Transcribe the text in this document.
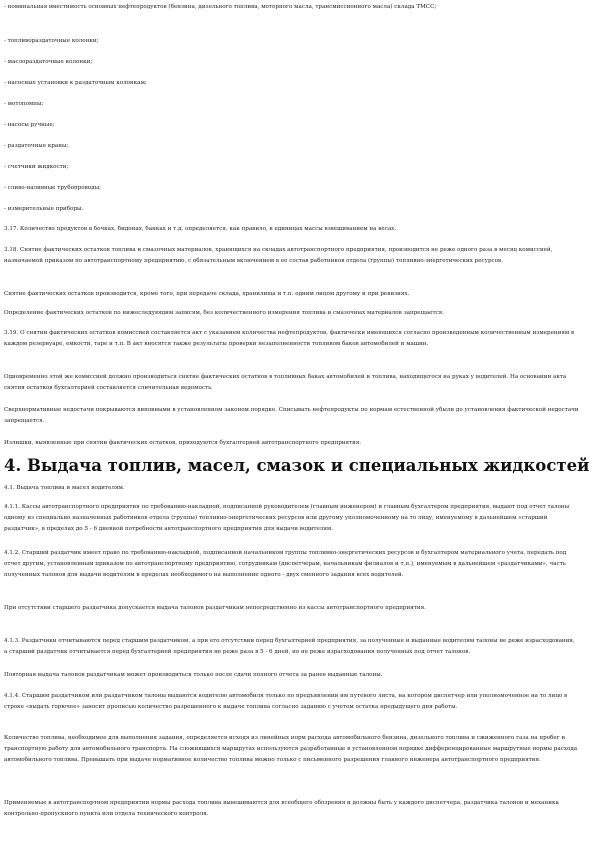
- номинальная вместимость основных нефтепродуктов (бензина, дизельного топлива, моторного масла, трансмиссионного масла) склада ТМСС;

- топливораздаточные колонки;

- маслораздаточные колонки;

- насосные установки к раздаточным колонкам;

- мотопомпы;

- насосы ручные;

- раздаточные краны;

- счетчики жидкости;

- сливо-наливные трубопроводы;

- измерительные приборы.

3.17. Количество продуктов в бочках, бидонах, банках и т.д. определяется, как правило, в единицах массы взвешиванием на весах.

3.18. Снятие фактических остатков топлива и смазочных материалов, хранящихся на складах автотранспортного предприятия, производится не реже одного раза в месяц комиссией, назначаемой приказом по автотранспортному предприятию, с обязательным включением в ее состав работников отдела (группы) топливно-энергетических ресурсов.

Снятие фактических остатков производится, кроме того, при передаче склада, хранилища и т.п. одним лицом другому и при ревизиях.

Определение фактических остатков по нижеследующим записям, без количественного измерения топлива и смазочных материалов запрещается.

3.19. О снятии фактических остатков комиссией составляется акт с указанием количества нефтепродуктов, фактически имеющихся согласно произведенным количественным измерениям в каждом резервуаре, емкости, таре и т.п. В акт вносятся также результаты проверки незаполненности топливом баков автомобилей и машин.

Одновременно этой же комиссией должно производиться снятие фактических остатков в топливных баках автомобилей и топлива, находящегося на руках у водителей. На основании акта снятия остатков бухгалтерией составляется сличительная ведомость.

Сверхнормативные недостачи покрываются виновными в установленном законом порядке. Списывать нефтепродукты по нормам естественной убыли до установления фактической недостачи запрещается.

Излишки, выявленные при снятии фактических остатков, приходуются бухгалтерией автотранспортного предприятия.

4. Выдача топлив, масел, смазок и специальных жидкостей

4.1. Выдача топлива и масел водителям.

4.1.1. Кассы автотранспортного предприятия по требованию-накладной, подписанной руководителем (главным инженером) и главным бухгалтером предприятия, выдают под отчет талоны одному из специально назначенных работников отдела (группы) топливно-энергетических ресурсов или другому уполномоченному на то лицу, именуемому в дальнейшем «старший раздатчик», в пределах до 5 - 6 дневной потребности автотранспортного предприятия для выдачи водителям.

4.1.2. Старший раздатчик имеет право по требованию-накладной, подписанной начальником группы топливно-энергетических ресурсов и бухгалтером материального учета, передать под отчет другим, установленным приказом по автотранспортному предприятию, сотрудникам (диспетчерам, начальникам филиалов и т.п.), именуемым в дальнейшем «раздатчиками», часть полученных талонов для выдачи водителям в пределах необходимого на выполнение одного - двух сменного задания всех водителей.

При отсутствии старшего раздатчика допускается выдача талонов раздатчикам непосредственно из кассы автотранспортного предприятия.

4.1.3. Раздатчики отчитываются перед старшим раздатчиком, а при его отсутствии перед бухгалтерией предприятия, за полученные и выданные водителям талоны не реже израсходования, а старший раздатчик отчитывается перед бухгалтерией предприятия не реже раза в 5 - 6 дней, но не реже израсходования полученных под отчет талонов.

Повторная выдача талонов раздатчикам может производиться только после сдачи полного отчета за ранее выданные талоны.

4.1.4. Старшим раздатчиком или раздатчиком талоны выдаются водителю автомобиля только по предъявлении им путевого листа, на котором диспетчер или уполномоченное на то лицо в строке «выдать горючее» заносит прописью количество разрешенного к выдаче топлива согласно заданию с учетом остатка предыдущего дня работы.

Количество топлива, необходимое для выполнения задания, определяется исходя из линейных норм расхода автомобильного бензина, дизельного топлива и сжиженного газа на пробег и транспортную работу для автомобильного транспорта. На сложившихся маршрутах используются разработанные в установленном порядке дифференцированные маршрутные нормы расхода автомобильного топлива. Превышать при выдаче нормативное количество топлива можно только с письменного разрешения главного инженера автотранспортного предприятия.

Применяемые в автотранспортном предприятии нормы расхода топлива вывешиваются для всеобщего обозрения и должны быть у каждого диспетчера, раздатчика талонов и механика контрольно-пропускного пункта или отдела технического контроля.
